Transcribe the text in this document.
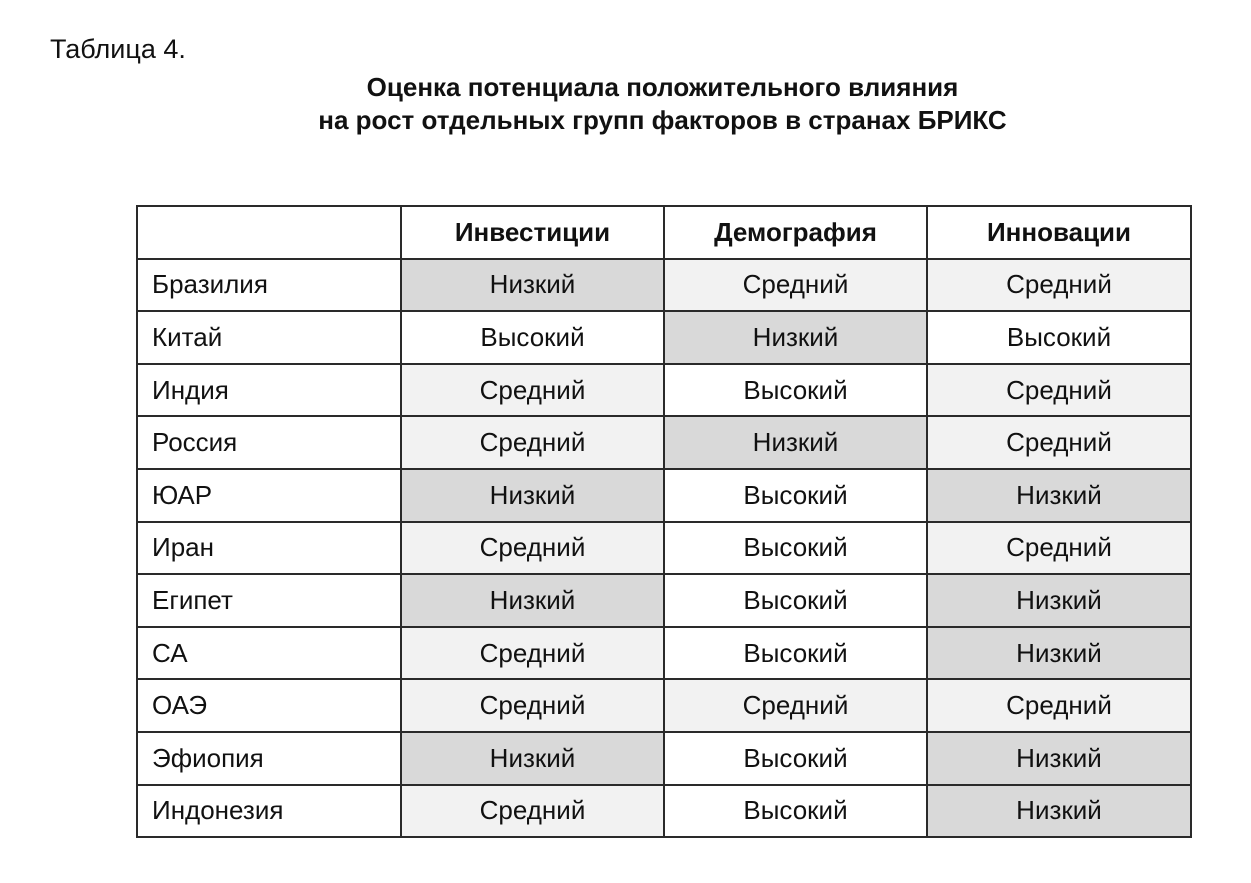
Таблица 4.
Оценка потенциала положительного влияния
на рост отдельных групп факторов в странах БРИКС
	Инвестиции	Демография	Инновации
Бразилия	Низкий	Средний	Средний
Китай	Высокий	Низкий	Высокий
Индия	Средний	Высокий	Средний
Россия	Средний	Низкий	Средний
ЮАР	Низкий	Высокий	Низкий
Иран	Средний	Высокий	Средний
Египет	Низкий	Высокий	Низкий
СА	Средний	Высокий	Низкий
ОАЭ	Средний	Средний	Средний
Эфиопия	Низкий	Высокий	Низкий
Индонезия	Средний	Высокий	Низкий
